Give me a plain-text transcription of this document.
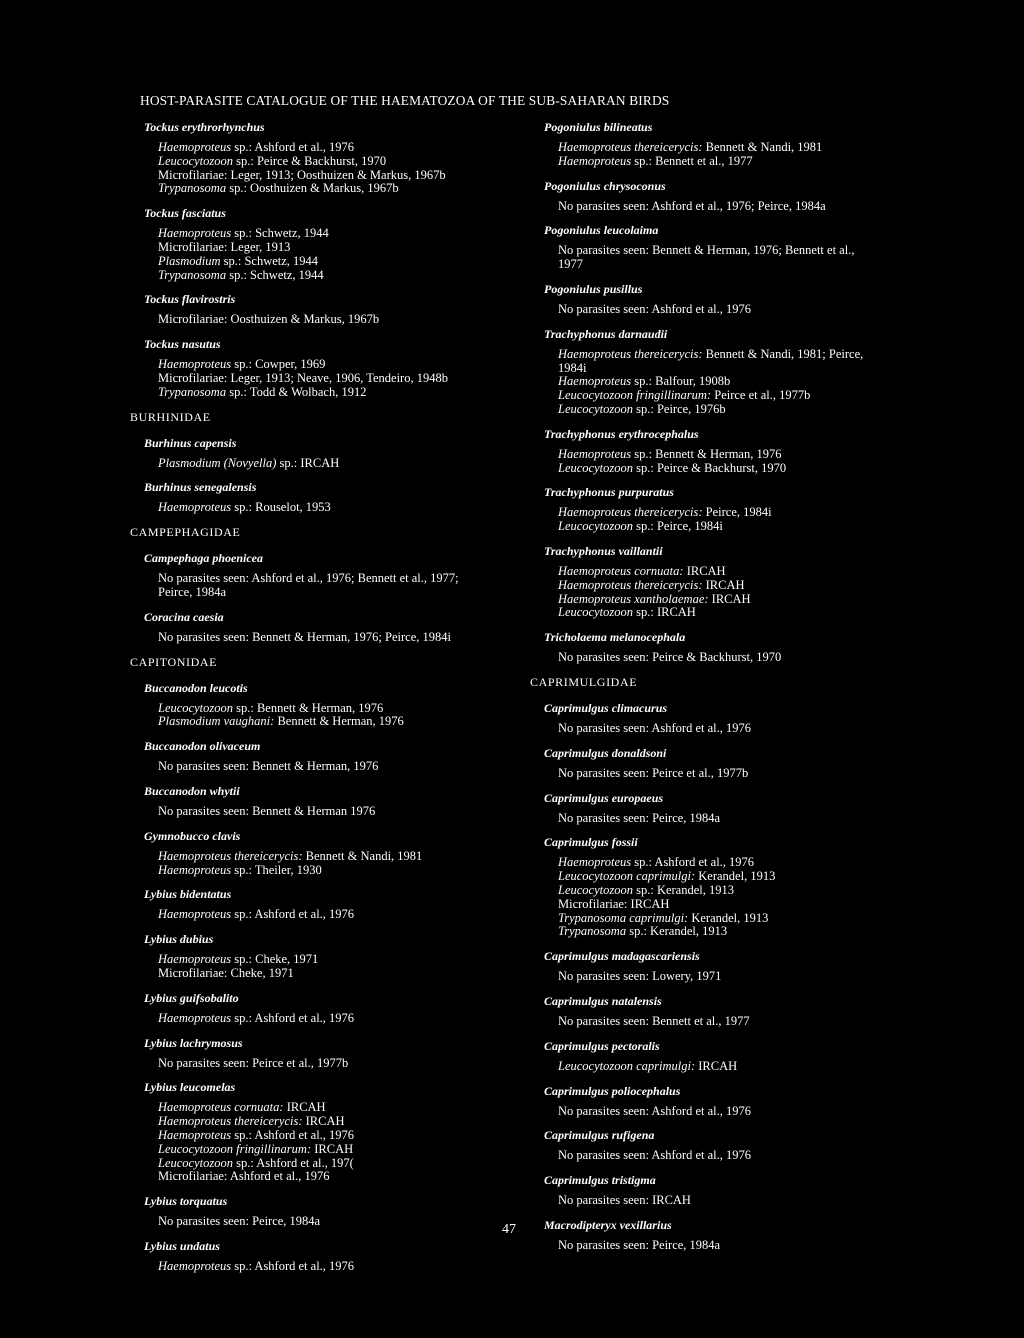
HOST-PARASITE CATALOGUE OF THE HAEMATOZOA OF THE SUB-SAHARAN BIRDS
Tockus erythrorhynchus
Haemoproteus sp.: Ashford et al., 1976
Leucocytozoon sp.: Peirce & Backhurst, 1970
Microfilariae: Leger, 1913; Oosthuizen & Markus, 1967b
Trypanosoma sp.: Oosthuizen & Markus, 1967b
Tockus fasciatus
Haemoproteus sp.: Schwetz, 1944
Microfilariae: Leger, 1913
Plasmodium sp.: Schwetz, 1944
Trypanosoma sp.: Schwetz, 1944
Tockus flavirostris
Microfilariae: Oosthuizen & Markus, 1967b
Tockus nasutus
Haemoproteus sp.: Cowper, 1969
Microfilariae: Leger, 1913; Neave, 1906, Tendeiro, 1948b
Trypanosoma sp.: Todd & Wolbach, 1912
BURHINIDAE
Burhinus capensis
Plasmodium (Novyella) sp.: IRCAH
Burhinus senegalensis
Haemoproteus sp.: Rouselot, 1953
CAMPEPHAGIDAE
Campephaga phoenicea
No parasites seen: Ashford et al., 1976; Bennett et al., 1977;
Peirce, 1984a
Coracina caesia
No parasites seen: Bennett & Herman, 1976; Peirce, 1984i
CAPITONIDAE
Buccanodon leucotis
Leucocytozoon sp.: Bennett & Herman, 1976
Plasmodium vaughani: Bennett & Herman, 1976
Buccanodon olivaceum
No parasites seen: Bennett & Herman, 1976
Buccanodon whytii
No parasites seen: Bennett & Herman 1976
Gymnobucco clavis
Haemoproteus thereicerycis: Bennett & Nandi, 1981
Haemoproteus sp.: Theiler, 1930
Lybius bidentatus
Haemoproteus sp.: Ashford et al., 1976
Lybius dubius
Haemoproteus sp.: Cheke, 1971
Microfilariae: Cheke, 1971
Lybius guifsobalito
Haemoproteus sp.: Ashford et al., 1976
Lybius lachrymosus
No parasites seen: Peirce et al., 1977b
Lybius leucomelas
Haemoproteus cornuata: IRCAH
Haemoproteus thereicerycis: IRCAH
Haemoproteus sp.: Ashford et al., 1976
Leucocytozoon fringillinarum: IRCAH
Leucocytozoon sp.: Ashford et al., 197(
Microfilariae: Ashford et al., 1976
Lybius torquatus
No parasites seen: Peirce, 1984a
Lybius undatus
Haemoproteus sp.: Ashford et al., 1976
Pogoniulus bilineatus
Haemoproteus thereicerycis: Bennett & Nandi, 1981
Haemoproteus sp.: Bennett et al., 1977
Pogoniulus chrysoconus
No parasites seen: Ashford et al., 1976; Peirce, 1984a
Pogoniulus leucolaima
No parasites seen: Bennett & Herman, 1976; Bennett et al.,
1977
Pogoniulus pusillus
No parasites seen: Ashford et al., 1976
Trachyphonus darnaudii
Haemoproteus thereicerycis: Bennett & Nandi, 1981; Peirce,
1984i
Haemoproteus sp.: Balfour, 1908b
Leucocytozoon fringillinarum: Peirce et al., 1977b
Leucocytozoon sp.: Peirce, 1976b
Trachyphonus erythrocephalus
Haemoproteus sp.: Bennett & Herman, 1976
Leucocytozoon sp.: Peirce & Backhurst, 1970
Trachyphonus purpuratus
Haemoproteus thereicerycis: Peirce, 1984i
Leucocytozoon sp.: Peirce, 1984i
Trachyphonus vaillantii
Haemoproteus cornuata: IRCAH
Haemoproteus thereicerycis: IRCAH
Haemoproteus xantholaemae: IRCAH
Leucocytozoon sp.: IRCAH
Tricholaema melanocephala
No parasites seen: Peirce & Backhurst, 1970
CAPRIMULGIDAE
Caprimulgus climacurus
No parasites seen: Ashford et al., 1976
Caprimulgus donaldsoni
No parasites seen: Peirce et al., 1977b
Caprimulgus europaeus
No parasites seen: Peirce, 1984a
Caprimulgus fossii
Haemoproteus sp.: Ashford et al., 1976
Leucocytozoon caprimulgi: Kerandel, 1913
Leucocytozoon sp.: Kerandel, 1913
Microfilariae: IRCAH
Trypanosoma caprimulgi: Kerandel, 1913
Trypanosoma sp.: Kerandel, 1913
Caprimulgus madagascariensis
No parasites seen: Lowery, 1971
Caprimulgus natalensis
No parasites seen: Bennett et al., 1977
Caprimulgus pectoralis
Leucocytozoon caprimulgi: IRCAH
Caprimulgus poliocephalus
No parasites seen: Ashford et al., 1976
Caprimulgus rufigena
No parasites seen: Ashford et al., 1976
Caprimulgus tristigma
No parasites seen: IRCAH
Macrodipteryx vexillarius
No parasites seen: Peirce, 1984a
47
